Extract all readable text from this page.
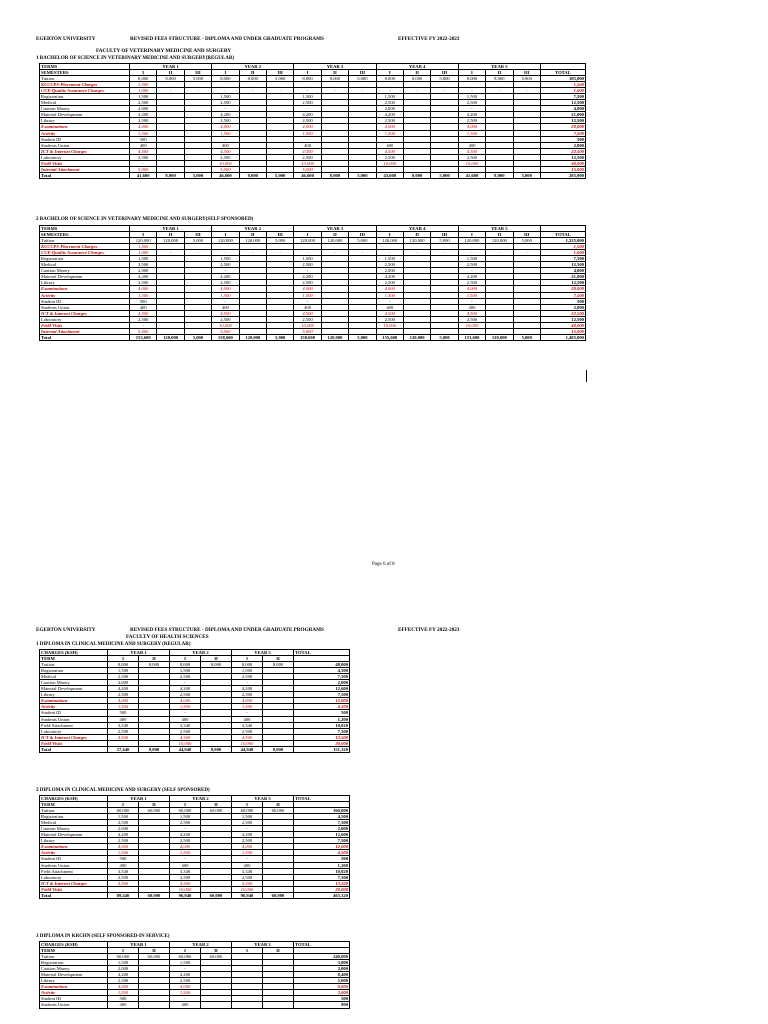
EGERTON UNIVERSITY	REVISED FEES STRUCTURE - DIPLOMA AND UNDER GRADUATE PROGRAMS	EFFECTIVE FY 2022-2023
FACULTY OF VETERINARY MEDICINE AND SURGERY
1 BACHELOR OF SCIENCE IN VETERINARY MEDICINE AND SURGERY(REGULAR)
TERMS	YEAR 1			YEAR 2			YEAR 3			YEAR 4			YEAR 5			
SEMESTERS	I	II	III	I	II	III	I	II	III	I	II	III	I	II	III	TOTAL
Tuition	8,000	8,000	5,000	8,000	8,000	5,000	8,000	8,000	5,000	8,000	8,000	5,000	8,000	8,000	5,000	105,000
KUCCPS-Placement Charges	1,500															1,500
CUE-Quality Assurance Charges	1,000	-	-	-	-	-	-	-	-	-	-	-	-	-	-	1,000
Registration	1,500			1,500			1,500			1,500			1,500			7,500
Medical	2,500			2,500			2,500			2,500			2,500			12,500
Caution Money	2,000			-			-			2,000			-			4,000
Material Development	4,200			4,200			4,200			4,200			4,200			21,000
Library	2,500			2,500			2,500			2,500			2,500			12,500
Examinations	4,000			4,000			4,000			4,000			4,000			20,000
Activity	1,500			1,500			1,500			1,500			1,500			7,500
Student ID	500			-			-			-			-			500
Students Union	400			400			400			400			400			2,000
ICT & Internet Charges	4,500			4,500			4,500			4,500			4,500			22,500
Laboratory	2,500			2,500			2,500			2,500			2,500			12,500
Field Visits	-			10,000			10,000			10,000			10,000			40,000
Internal Attachment	5,000			5,000			5,000									15,000
Total	41,600	8,000	5,000	46,600	8,000	5,000	46,600	8,000	5,000	43,600	8,000	5,000	41,600	8,000	5,000	285,000
2 BACHELOR OF SCIENCE IN VETERINARY MEDICINE AND SURGERY(SELF SPONSORED)
TERMS	YEAR 1			YEAR 2			YEAR 3			YEAR 4			YEAR 5			
SEMESTERS	I	II	III	I	II	III	I	II	III	I	II	III	I	II	III	TOTAL
Tuition	120,000	120,000	5,000	120,000	120,000	5,000	120,000	120,000	5,000	120,000	120,000	5,000	120,000	120,000	5,000	1,225,000
KUCCPS-Placement Charges	1,500															1,500
CUE-Quality Assurance Charges	1,000	-	-	-	-	-	-	-	-	-	-	-	-	-	-	1,000
Registration	1,500			1,500			1,500			1,500			1,500			7,500
Medical	2,500			2,500			2,500			2,500			2,500			12,500
Caution Money	2,000			-			-			2,000			-			4,000
Material Development	4,200			4,200			4,200			4,200			4,200			21,000
Library	2,500			2,500			2,500			2,500			2,500			12,500
Examinations	4,000			4,000			4,000			4,000			4,000			20,000
Activity	1,500			1,500			1,500			1,500			1,500			7,500
Student ID	500			-			-			-			-			500
Students Union	400			400			400			400			400			2,000
ICT & Internet Charges	4,500			4,500			4,500			4,500			4,500			22,500
Laboratory	2,500			2,500			2,500			2,500			2,500			12,500
Field Visits	-			10,000			10,000			10,000			10,000			40,000
Internal Attachment	5,000			5,000			5,000									15,000
Total	153,600	120,000	5,000	158,600	120,000	5,000	158,600	120,000	5,000	155,600	120,000	5,000	153,600	120,000	5,000	1,405,000
Page 6 of 8
EGERTON UNIVERSITY	REVISED FEES STRUCTURE - DIPLOMA AND UNDER GRADUATE PROGRAMS	EFFECTIVE FY 2022-2023
FACULTY OF HEALTH SCIENCES
1 DIPLOMA IN CLINICAL MEDICINE AND SURGERY (REGULAR)
CHARGES (KSH)	YEAR 1		YEAR 2		YEAR 3		TOTAL
TERM	I	II	I	II	I	II	
Tuition	8,000	8,000	8,000	8,000	8,000	8,000	48,000
Registration	1,500		1,500		1,500		4,500
Medical	2,500		2,500		2,500		7,500
Caution Money	2,000		-		-		2,000
Material Development	4,200		4,200		4,200		12,600
Library	2,500		2,500		2,500		7,500
Examinations	4,000		4,000		4,000		12,000
Activity	1,500		1,500		1,500		4,500
Student ID	500		-		-		500
Students Union	400		400		400		1,200
Field Attachment	3,340		3,340		3,340		10,020
Laboratory	2,500		2,500		2,500		7,500
ICT & Internet Charges	4,500		4,500		4,500		13,500
Field Visits			10,000		10,000		20,000
Total	37,440	8,000	44,940	8,000	44,940	8,000	151,320
2 DIPLOMA IN CLINICAL MEDICINE AND SURGERY (SELF SPONSORED)
CHARGES (KSH)	YEAR 1		YEAR 2		YEAR 3		TOTAL
TERM	I	II	I	II	I	II	
Tuition	60,000	60,000	60,000	60,000	60,000	60,000	360,000
Registration	1,500		1,500		1,500		4,500
Medical	2,500		2,500		2,500		7,500
Caution Money	2,000		-		-		2,000
Material Development	4,200		4,200		4,200		12,600
Library	2,500		2,500		2,500		7,500
Examinations	4,000		4,000		4,000		12,000
Activity	1,500		1,500		1,500		4,500
Student ID	500		-		-		500
Students Union	400		400		400		1,200
Field Attachment	3,340		3,340		3,340		10,020
Laboratory	2,500		2,500		2,500		7,500
ICT & Internet Charges	4,500		4,500		4,500		13,500
Field Visits			10,000		10,000		20,000
Total	89,440	60,000	96,940	60,000	96,940	60,000	463,320
3 DIPLOMA IN KRCHN (SELF SPONSORED-IN SERVICE)
CHARGES (KSH)	YEAR 1		YEAR 2		YEAR 3		TOTAL
TERM	I	II	I	II	I	II	
Tuition	60,000	60,000	60,000	60,000			240,000
Registration	1,500		1,500				3,000
Caution Money	2,000		-				2,000
Material Development	4,200		4,200				8,400
Library	2,500		2,500				5,000
Examinations	4,000		4,000				8,000
Activity	1,500		1,500				3,000
Student ID	500		-				500
Students Union	400		400				800
